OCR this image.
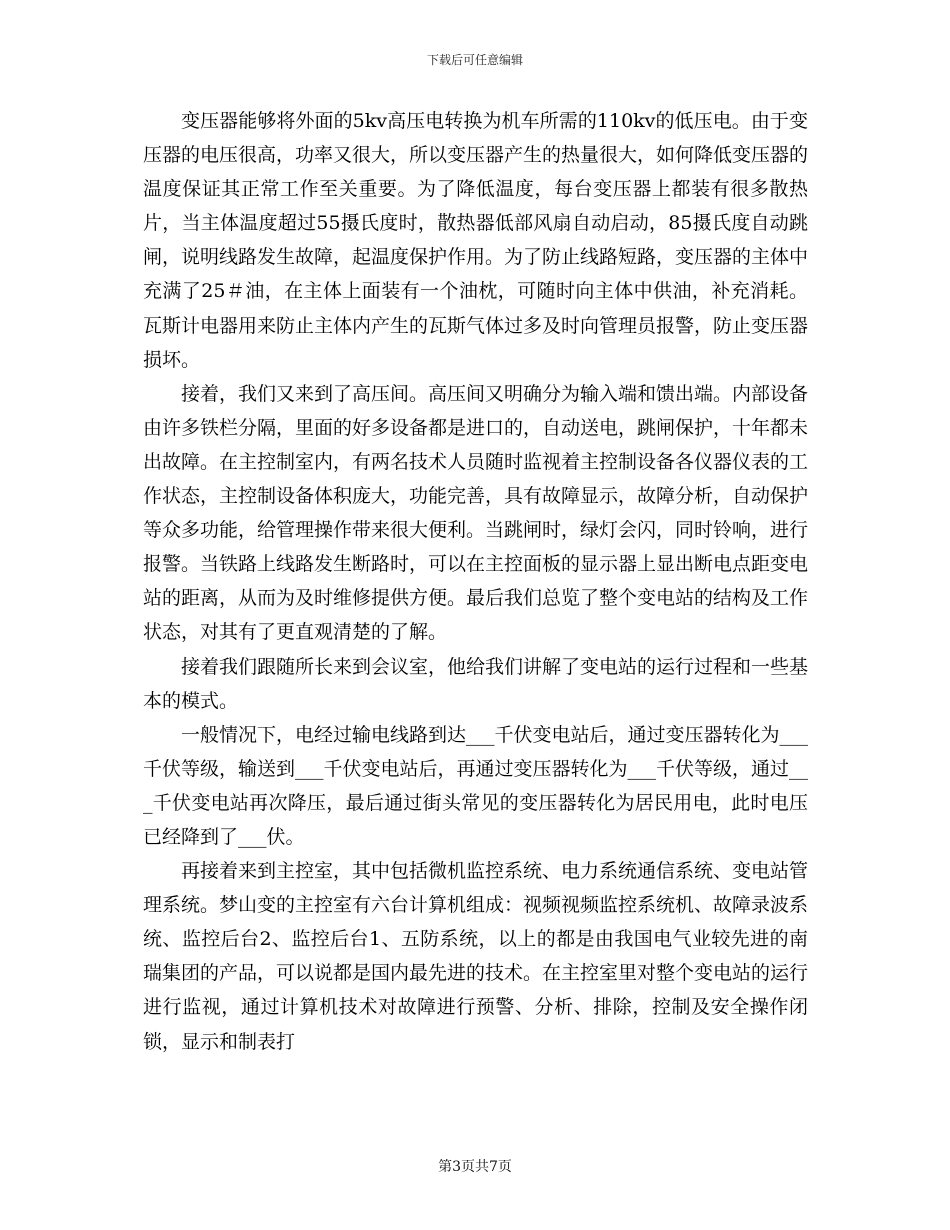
下载后可任意编辑

变压器能够将外面的5kv高压电转换为机车所需的110kv的低压电。由于变压器的电压很高，功率又很大，所以变压器产生的热量很大，如何降低变压器的温度保证其正常工作至关重要。为了降低温度，每台变压器上都装有很多散热片，当主体温度超过55摄氏度时，散热器低部风扇自动启动，85摄氏度自动跳闸，说明线路发生故障，起温度保护作用。为了防止线路短路，变压器的主体中充满了25＃油，在主体上面装有一个油枕，可随时向主体中供油，补充消耗。瓦斯计电器用来防止主体内产生的瓦斯气体过多及时向管理员报警，防止变压器损坏。

接着，我们又来到了高压间。高压间又明确分为输入端和馈出端。内部设备由许多铁栏分隔，里面的好多设备都是进口的，自动送电，跳闸保护，十年都未出故障。在主控制室内，有两名技术人员随时监视着主控制设备各仪器仪表的工作状态，主控制设备体积庞大，功能完善，具有故障显示，故障分析，自动保护等众多功能，给管理操作带来很大便利。当跳闸时，绿灯会闪，同时铃响，进行报警。当铁路上线路发生断路时，可以在主控面板的显示器上显出断电点距变电站的距离，从而为及时维修提供方便。最后我们总览了整个变电站的结构及工作状态，对其有了更直观清楚的了解。

接着我们跟随所长来到会议室，他给我们讲解了变电站的运行过程和一些基本的模式。

一般情况下，电经过输电线路到达___千伏变电站后，通过变压器转化为___千伏等级，输送到___千伏变电站后，再通过变压器转化为___千伏等级，通过___千伏变电站再次降压，最后通过街头常见的变压器转化为居民用电，此时电压已经降到了___伏。

再接着来到主控室，其中包括微机监控系统、电力系统通信系统、变电站管理系统。梦山变的主控室有六台计算机组成：视频视频监控系统机、故障录波系统、监控后台2、监控后台1、五防系统，以上的都是由我国电气业较先进的南瑞集团的产品，可以说都是国内最先进的技术。在主控室里对整个变电站的运行进行监视，通过计算机技术对故障进行预警、分析、排除，控制及安全操作闭锁，显示和制表打

第3页共7页
